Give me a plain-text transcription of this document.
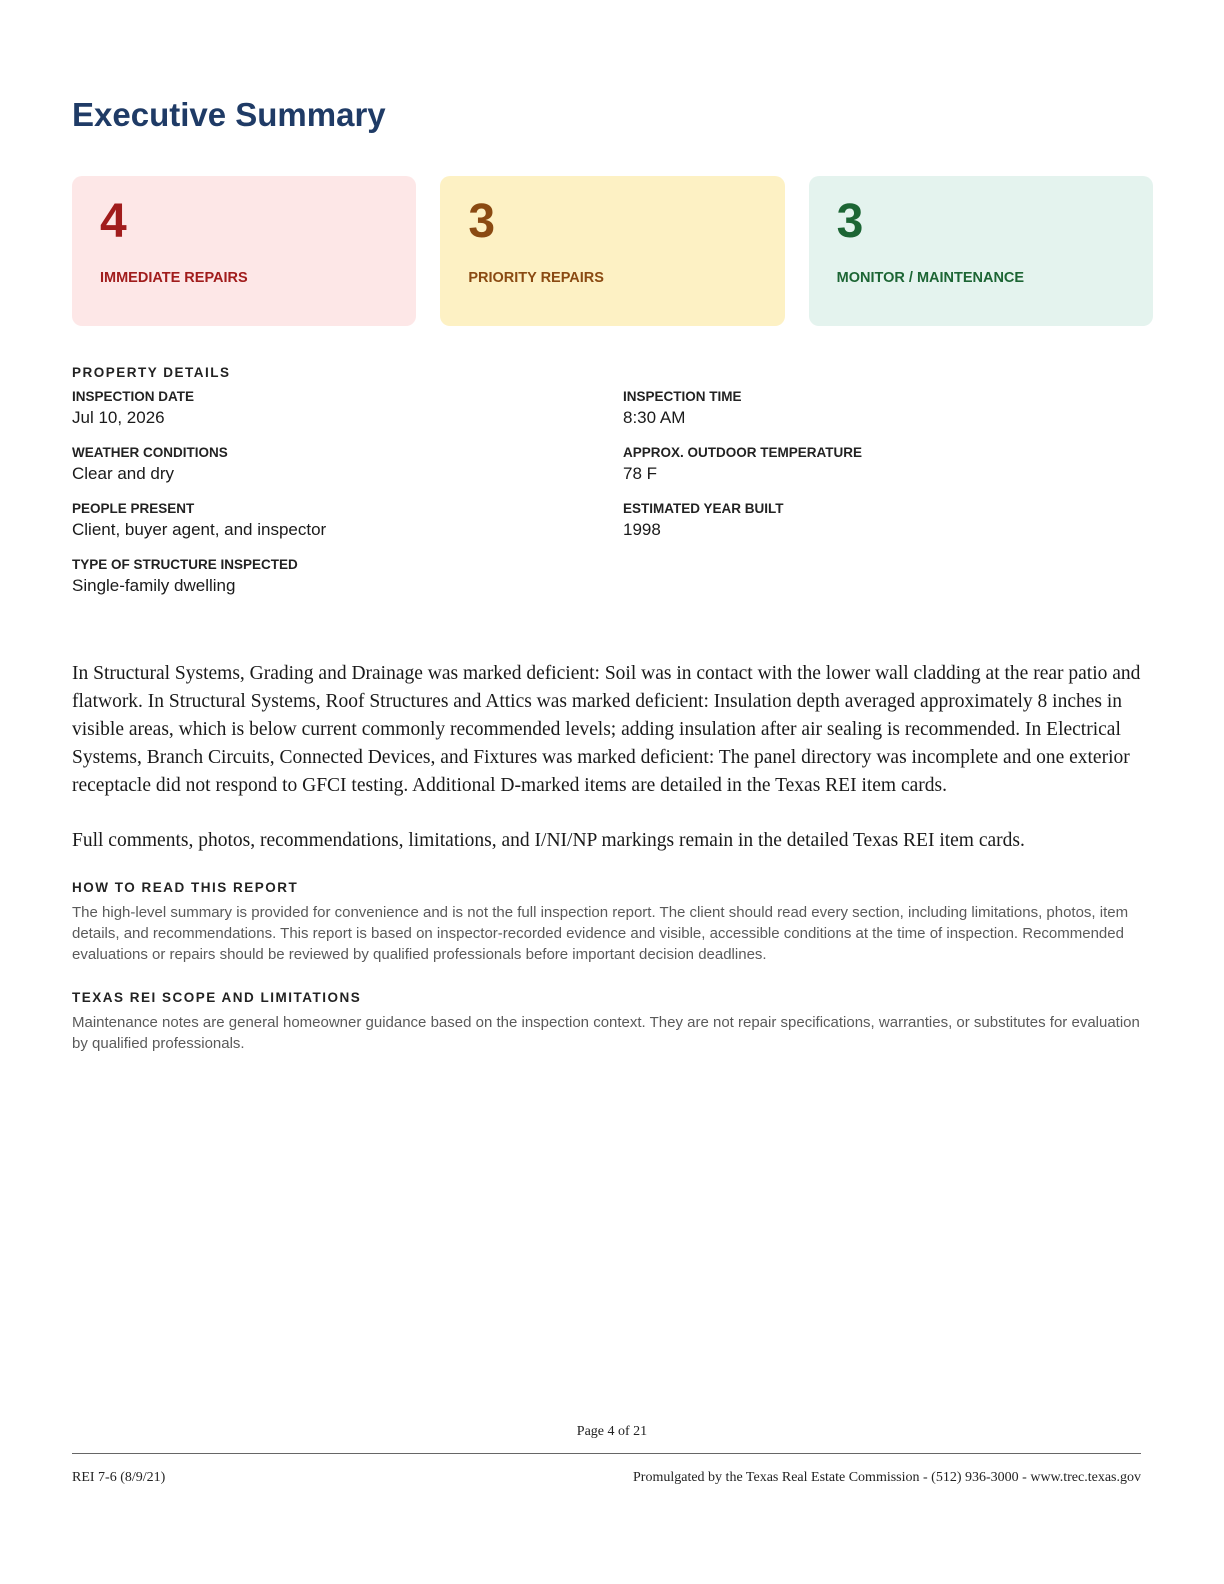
Executive Summary
4
IMMEDIATE REPAIRS
3
PRIORITY REPAIRS
3
MONITOR / MAINTENANCE
PROPERTY DETAILS
INSPECTION DATE
Jul 10, 2026
INSPECTION TIME
8:30 AM
WEATHER CONDITIONS
Clear and dry
APPROX. OUTDOOR TEMPERATURE
78 F
PEOPLE PRESENT
Client, buyer agent, and inspector
ESTIMATED YEAR BUILT
1998
TYPE OF STRUCTURE INSPECTED
Single-family dwelling

In Structural Systems, Grading and Drainage was marked deficient: Soil was in contact with the lower wall cladding at the rear patio and flatwork. In Structural Systems, Roof Structures and Attics was marked deficient: Insulation depth averaged approximately 8 inches in visible areas, which is below current commonly recommended levels; adding insulation after air sealing is recommended. In Electrical Systems, Branch Circuits, Connected Devices, and Fixtures was marked deficient: The panel directory was incomplete and one exterior receptacle did not respond to GFCI testing. Additional D-marked items are detailed in the Texas REI item cards.

Full comments, photos, recommendations, limitations, and I/NI/NP markings remain in the detailed Texas REI item cards.

HOW TO READ THIS REPORT
The high-level summary is provided for convenience and is not the full inspection report. The client should read every section, including limitations, photos, item details, and recommendations. This report is based on inspector-recorded evidence and visible, accessible conditions at the time of inspection. Recommended evaluations or repairs should be reviewed by qualified professionals before important decision deadlines.
TEXAS REI SCOPE AND LIMITATIONS
Maintenance notes are general homeowner guidance based on the inspection context. They are not repair specifications, warranties, or substitutes for evaluation by qualified professionals.
Page 4 of 21
REI 7-6 (8/9/21)	Promulgated by the Texas Real Estate Commission - (512) 936-3000 - www.trec.texas.gov
